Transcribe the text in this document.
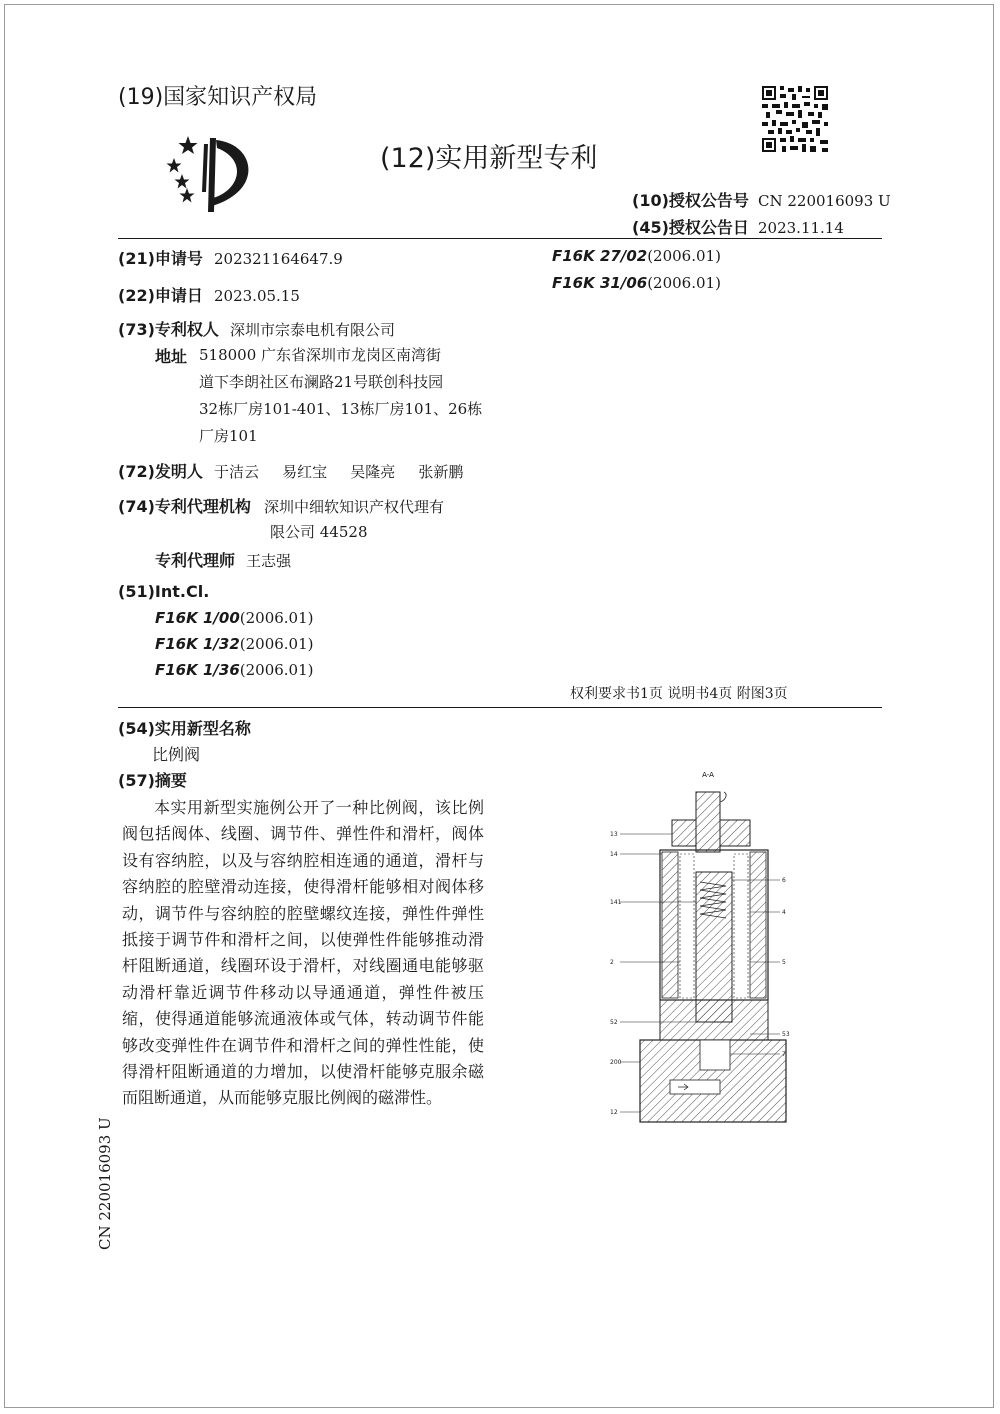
(19)国家知识产权局
(12)实用新型专利
(10)授权公告号 CN 220016093 U
(45)授权公告日 2023.11.14
(21)申请号 202321164647.9
(22)申请日 2023.05.15
(73)专利权人 深圳市宗泰电机有限公司
地址 518000 广东省深圳市龙岗区南湾街
道下李朗社区布澜路21号联创科技园
32栋厂房101-401、13栋厂房101、26栋
厂房101
(72)发明人 于洁云 易红宝 吴隆亮 张新鹏
(74)专利代理机构 深圳中细软知识产权代理有
限公司 44528
专利代理师 王志强
(51)Int.Cl.
F16K 1/00(2006.01)
F16K 1/32(2006.01)
F16K 1/36(2006.01)
F16K 27/02(2006.01)
F16K 31/06(2006.01)
权利要求书1页 说明书4页 附图3页
(54)实用新型名称
比例阀
(57)摘要

本实用新型实施例公开了一种比例阀，该比例阀包括阀体、线圈、调节件、弹性件和滑杆，阀体设有容纳腔，以及与容纳腔相连通的通道，滑杆与容纳腔的腔壁滑动连接，使得滑杆能够相对阀体移动，调节件与容纳腔的腔壁螺纹连接，弹性件弹性抵接于调节件和滑杆之间，以使弹性件能够推动滑杆阻断通道，线圈环设于滑杆，对线圈通电能够驱动滑杆靠近调节件移动以导通通道，弹性件被压缩，使得通道能够流通液体或气体，转动调节件能够改变弹性件在调节件和滑杆之间的弹性性能，使得滑杆阻断通道的力增加，以使滑杆能够克服余磁而阻断通道，从而能够克服比例阀的磁滞性。

A-A
13
14
141
2
52
200
12
6
4
5
53
7
CN 220016093 U
